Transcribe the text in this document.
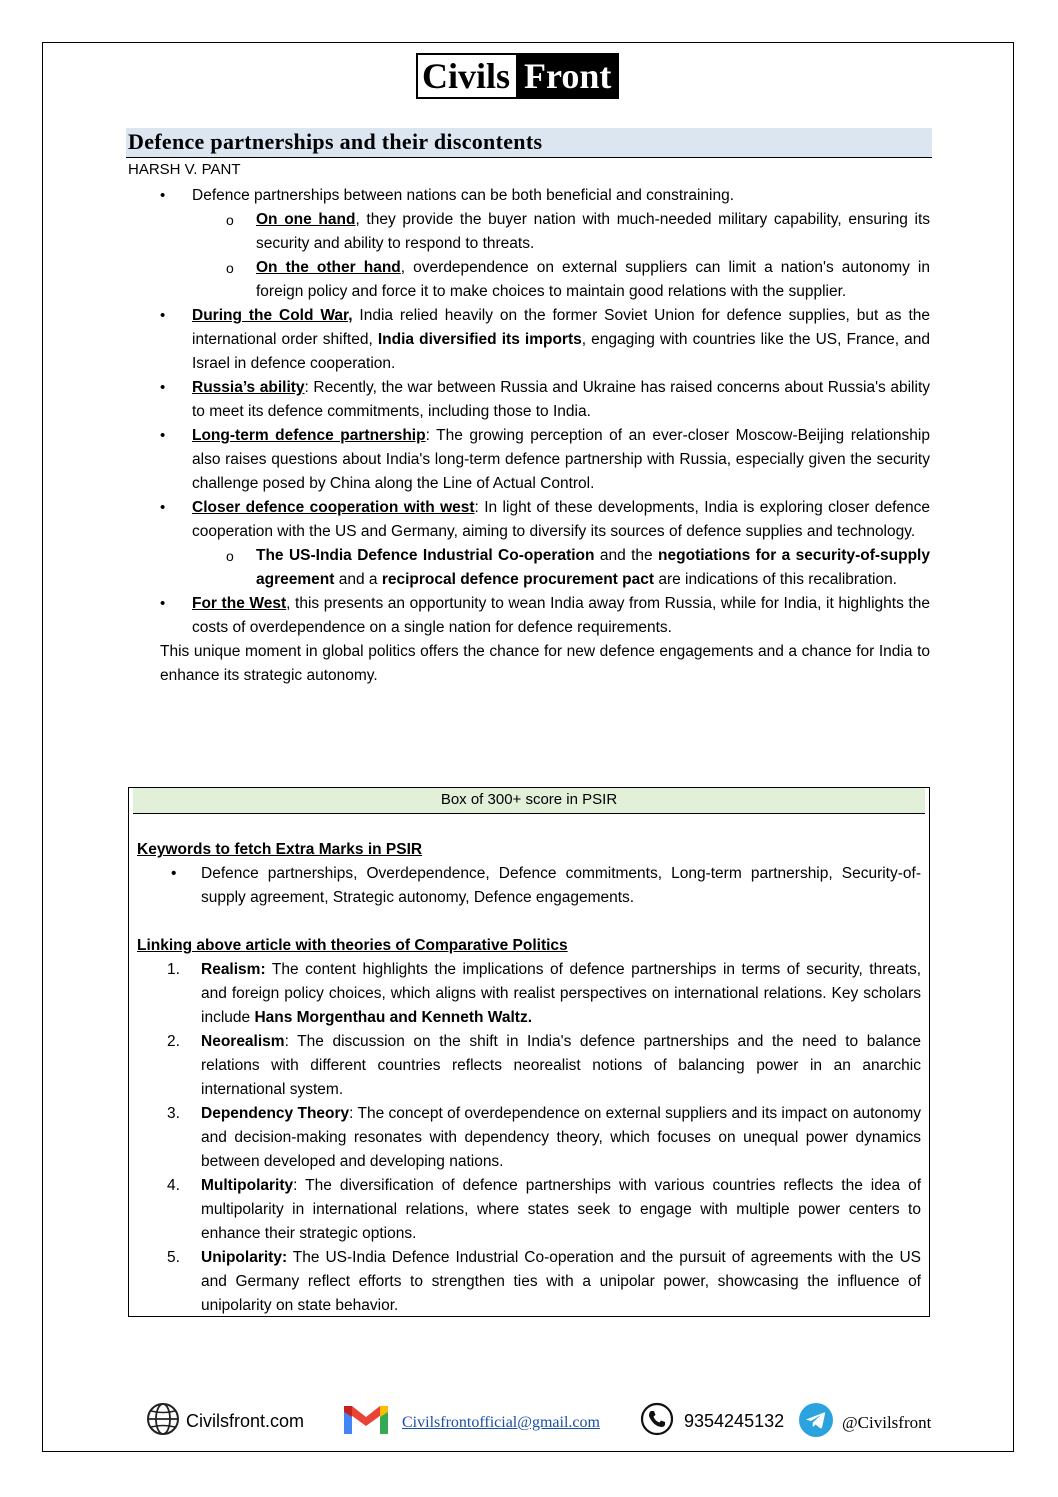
Civils Front
Defence partnerships and their discontents
HARSH V. PANT
• Defence partnerships between nations can be both beneficial and constraining.
o On one hand, they provide the buyer nation with much-needed military capability, ensuring its security and ability to respond to threats.
o On the other hand, overdependence on external suppliers can limit a nation's autonomy in foreign policy and force it to make choices to maintain good relations with the supplier.
• During the Cold War, India relied heavily on the former Soviet Union for defence supplies, but as the international order shifted, India diversified its imports, engaging with countries like the US, France, and Israel in defence cooperation.
• Russia’s ability: Recently, the war between Russia and Ukraine has raised concerns about Russia's ability to meet its defence commitments, including those to India.
• Long-term defence partnership: The growing perception of an ever-closer Moscow-Beijing relationship also raises questions about India's long-term defence partnership with Russia, especially given the security challenge posed by China along the Line of Actual Control.
• Closer defence cooperation with west: In light of these developments, India is exploring closer defence cooperation with the US and Germany, aiming to diversify its sources of defence supplies and technology.
o The US-India Defence Industrial Co-operation and the negotiations for a security-of-supply agreement and a reciprocal defence procurement pact are indications of this recalibration.
• For the West, this presents an opportunity to wean India away from Russia, while for India, it highlights the costs of overdependence on a single nation for defence requirements.
This unique moment in global politics offers the chance for new defence engagements and a chance for India to enhance its strategic autonomy.
Box of 300+ score in PSIR
Keywords to fetch Extra Marks in PSIR
• Defence partnerships, Overdependence, Defence commitments, Long-term partnership, Security-of-supply agreement, Strategic autonomy, Defence engagements.
Linking above article with theories of Comparative Politics
1. Realism: The content highlights the implications of defence partnerships in terms of security, threats, and foreign policy choices, which aligns with realist perspectives on international relations. Key scholars include Hans Morgenthau and Kenneth Waltz.
2. Neorealism: The discussion on the shift in India's defence partnerships and the need to balance relations with different countries reflects neorealist notions of balancing power in an anarchic international system.
3. Dependency Theory: The concept of overdependence on external suppliers and its impact on autonomy and decision-making resonates with dependency theory, which focuses on unequal power dynamics between developed and developing nations.
4. Multipolarity: The diversification of defence partnerships with various countries reflects the idea of multipolarity in international relations, where states seek to engage with multiple power centers to enhance their strategic options.
5. Unipolarity: The US-India Defence Industrial Co-operation and the pursuit of agreements with the US and Germany reflect efforts to strengthen ties with a unipolar power, showcasing the influence of unipolarity on state behavior.
Civilsfront.com	Civilsfrontofficial@gmail.com	9354245132	@Civilsfront
